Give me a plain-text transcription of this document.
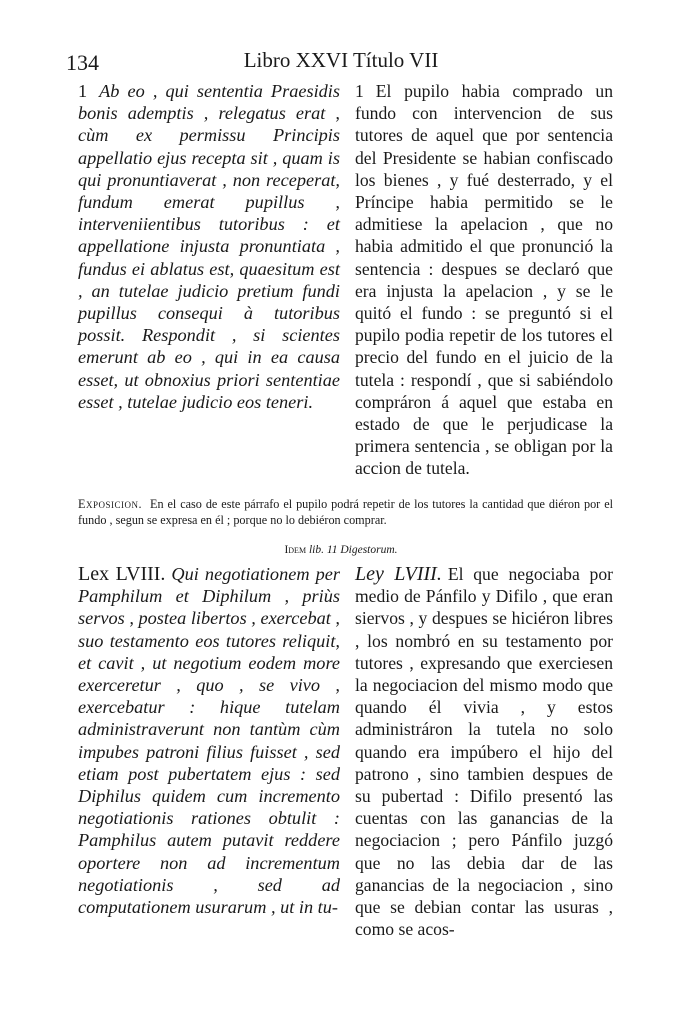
134	Libro XXVI Título VII

1 Ab eo , qui sententia Praesidis bonis ademptis , relegatus erat , cùm ex permissu Principis appellatio ejus recepta sit , quam is qui pronuntiaverat , non receperat, fundum emerat pupillus , interveniientibus tutoribus : et appellatione injusta pronuntiata , fundus ei ablatus est, quaesitum est , an tutelae judicio pretium fundi pupillus consequi à tutoribus possit. Respondit , si scientes emerunt ab eo , qui in ea causa esset, ut obnoxius priori sententiae esset , tutelae judicio eos teneri.

1 El pupilo habia comprado un fundo con intervencion de sus tutores de aquel que por sentencia del Presidente se habian confiscado los bienes , y fué desterrado, y el Príncipe habia permitido se le admitiese la apelacion , que no habia admitido el que pronunció la sentencia : despues se declaró que era injusta la apelacion , y se le quitó el fundo : se preguntó si el pupilo podia repetir de los tutores el precio del fundo en el juicio de la tutela : respondí , que si sabiéndolo compráron á aquel que estaba en estado de que le perjudicase la primera sentencia , se obligan por la accion de tutela.

Exposicion. En el caso de este párrafo el pupilo podrá repetir de los tutores la cantidad que diéron por el fundo , segun se expresa en él ; porque no lo debiéron comprar.
Idem lib. 11 Digestorum.

Lex LVIII. Qui negotiationem per Pamphilum et Diphilum , priùs servos , postea libertos , exercebat , suo testamento eos tutores reliquit, et cavit , ut negotium eodem more exerceretur , quo , se vivo , exercebatur : hique tutelam administraverunt non tantùm cùm impubes patroni filius fuisset , sed etiam post pubertatem ejus : sed Diphilus quidem cum incremento negotiationis rationes obtulit : Pamphilus autem putavit reddere oportere non ad incrementum negotiationis , sed ad computationem usurarum , ut in tu-

Ley LVIII. El que negociaba por medio de Pánfilo y Difilo , que eran siervos , y despues se hiciéron libres , los nombró en su testamento por tutores , expresando que exerciesen la negociacion del mismo modo que quando él vivia , y estos administráron la tutela no solo quando era impúbero el hijo del patrono , sino tambien despues de su pubertad : Difilo presentó las cuentas con las ganancias de la negociacion ; pero Pánfilo juzgó que no las debia dar de las ganancias de la negociacion , sino que se debian contar las usuras , como se acos-
